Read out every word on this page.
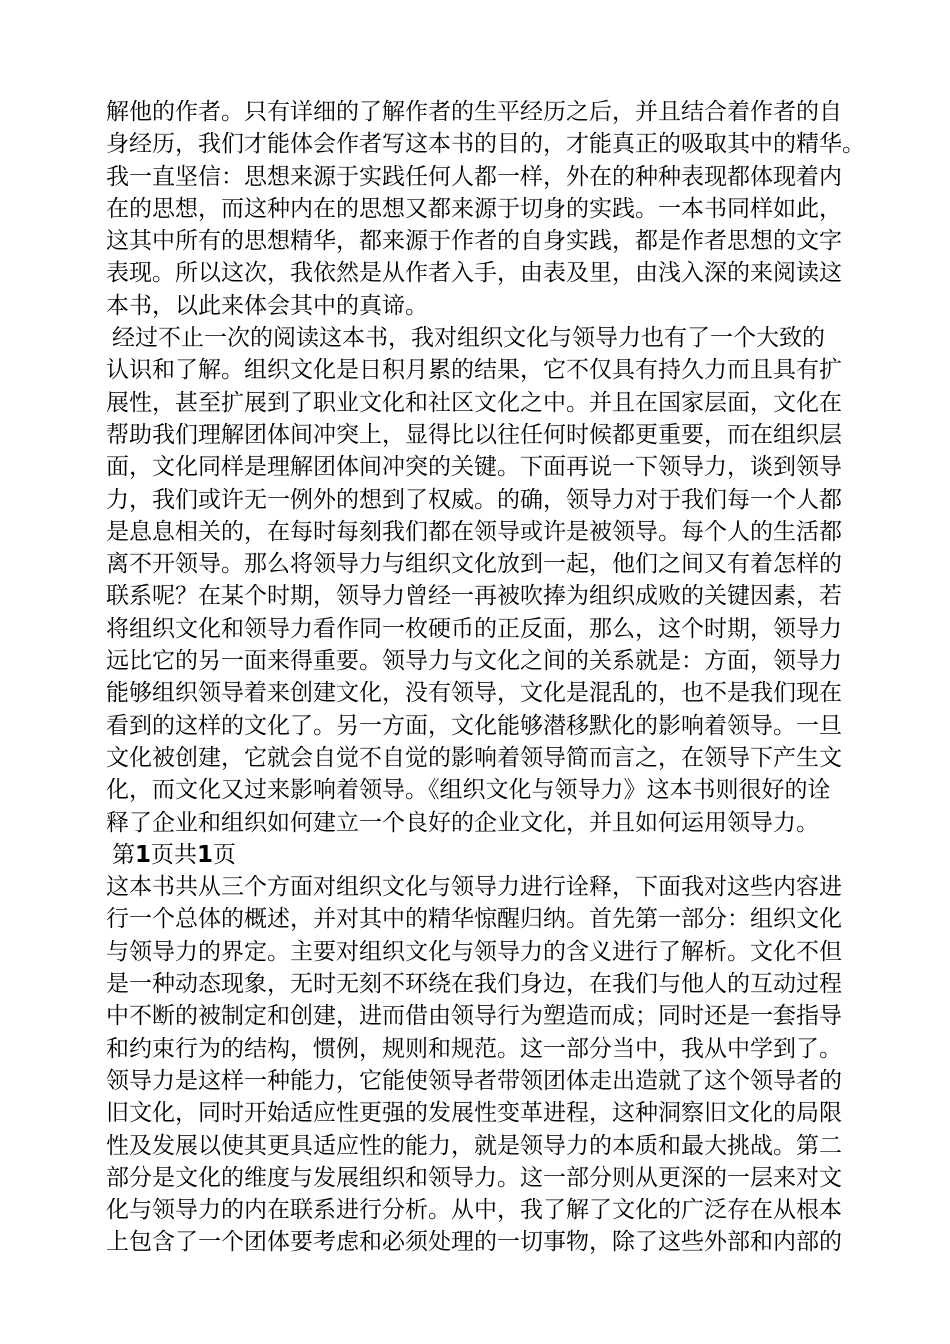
解他的作者。只有详细的了解作者的生平经历之后，并且结合着作者的自
身经历，我们才能体会作者写这本书的目的，才能真正的吸取其中的精华。
我一直坚信：思想来源于实践任何人都一样，外在的种种表现都体现着内
在的思想，而这种内在的思想又都来源于切身的实践。一本书同样如此，
这其中所有的思想精华，都来源于作者的自身实践，都是作者思想的文字
表现。所以这次，我依然是从作者入手，由表及里，由浅入深的来阅读这
本书，以此来体会其中的真谛。
经过不止一次的阅读这本书，我对组织文化与领导力也有了一个大致的
认识和了解。组织文化是日积月累的结果，它不仅具有持久力而且具有扩
展性，甚至扩展到了职业文化和社区文化之中。并且在国家层面，文化在
帮助我们理解团体间冲突上，显得比以往任何时候都更重要，而在组织层
面，文化同样是理解团体间冲突的关键。下面再说一下领导力，谈到领导
力，我们或许无一例外的想到了权威。的确，领导力对于我们每一个人都
是息息相关的，在每时每刻我们都在领导或许是被领导。每个人的生活都
离不开领导。那么将领导力与组织文化放到一起，他们之间又有着怎样的
联系呢？在某个时期，领导力曾经一再被吹捧为组织成败的关键因素，若
将组织文化和领导力看作同一枚硬币的正反面，那么，这个时期，领导力
远比它的另一面来得重要。领导力与文化之间的关系就是：方面，领导力
能够组织领导着来创建文化，没有领导，文化是混乱的，也不是我们现在
看到的这样的文化了。另一方面，文化能够潜移默化的影响着领导。一旦
文化被创建，它就会自觉不自觉的影响着领导简而言之，在领导下产生文
化，而文化又过来影响着领导。《组织文化与领导力》这本书则很好的诠
释了企业和组织如何建立一个良好的企业文化，并且如何运用领导力。
第1页共1页
这本书共从三个方面对组织文化与领导力进行诠释，下面我对这些内容进
行一个总体的概述，并对其中的精华惊醒归纳。首先第一部分：组织文化
与领导力的界定。主要对组织文化与领导力的含义进行了解析。文化不但
是一种动态现象，无时无刻不环绕在我们身边，在我们与他人的互动过程
中不断的被制定和创建，进而借由领导行为塑造而成；同时还是一套指导
和约束行为的结构，惯例，规则和规范。这一部分当中，我从中学到了。
领导力是这样一种能力，它能使领导者带领团体走出造就了这个领导者的
旧文化，同时开始适应性更强的发展性变革进程，这种洞察旧文化的局限
性及发展以使其更具适应性的能力，就是领导力的本质和最大挑战。第二
部分是文化的维度与发展组织和领导力。这一部分则从更深的一层来对文
化与领导力的内在联系进行分析。从中，我了解了文化的广泛存在从根本
上包含了一个团体要考虑和必须处理的一切事物，除了这些外部和内部的
